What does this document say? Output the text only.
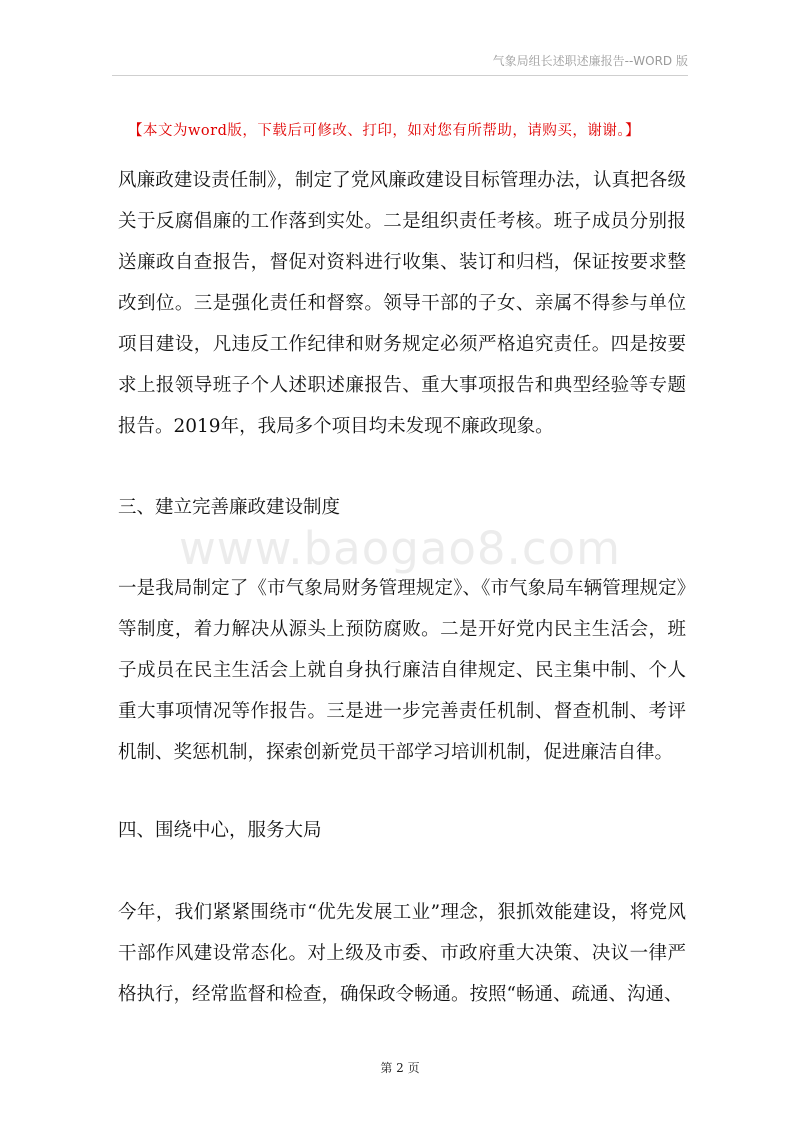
气象局组长述职述廉报告--WORD 版
【本文为word版，下载后可修改、打印，如对您有所帮助，请购买，谢谢。】
www.baogao8.com

风廉政建设责任制》，制定了党风廉政建设目标管理办法，认真把各级关于反腐倡廉的工作落到实处。二是组织责任考核。班子成员分别报送廉政自查报告，督促对资料进行收集、装订和归档，保证按要求整改到位。三是强化责任和督察。领导干部的子女、亲属不得参与单位项目建设，凡违反工作纪律和财务规定必须严格追究责任。四是按要求上报领导班子个人述职述廉报告、重大事项报告和典型经验等专题报告。2019年，我局多个项目均未发现不廉政现象。

三、建立完善廉政建设制度

一是我局制定了《市气象局财务管理规定》、《市气象局车辆管理规定》等制度，着力解决从源头上预防腐败。二是开好党内民主生活会，班子成员在民主生活会上就自身执行廉洁自律规定、民主集中制、个人重大事项情况等作报告。三是进一步完善责任机制、督查机制、考评机制、奖惩机制，探索创新党员干部学习培训机制，促进廉洁自律。

四、围绕中心，服务大局

今年，我们紧紧围绕市“优先发展工业”理念，狠抓效能建设，将党风干部作风建设常态化。对上级及市委、市政府重大决策、决议一律严格执行，经常监督和检查，确保政令畅通。按照“畅通、疏通、沟通、

第 2 页
